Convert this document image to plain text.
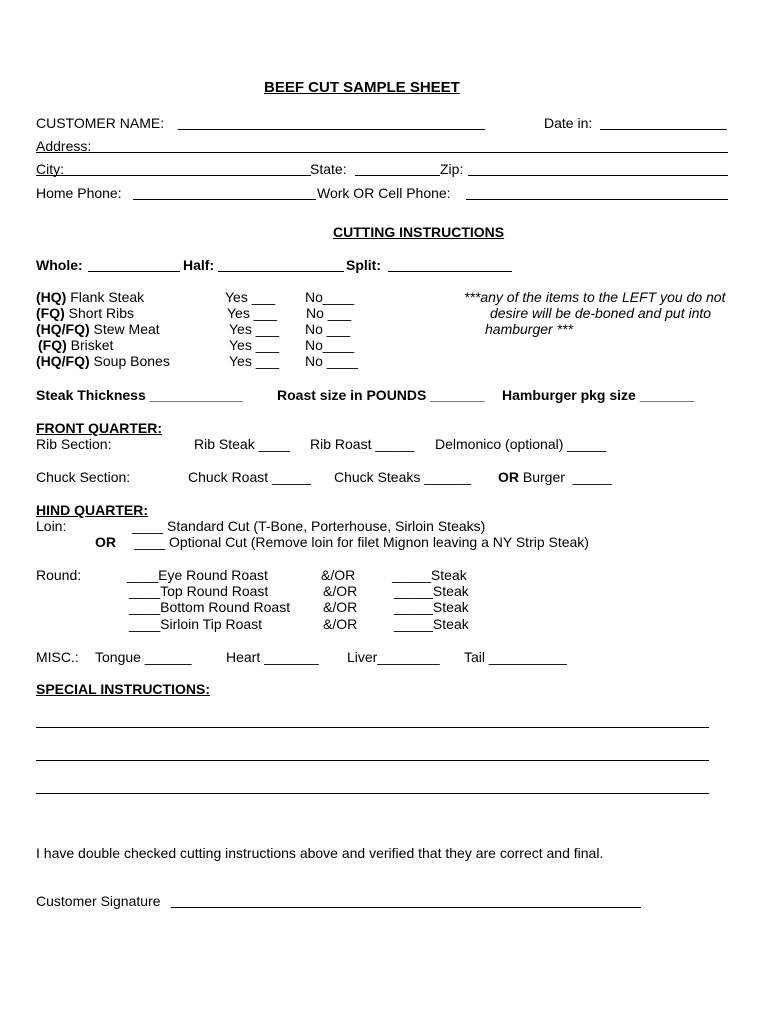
BEEF CUT SAMPLE SHEET
CUSTOMER NAME:	Date in:
Address:
City:	State:	Zip:
Home Phone:	Work OR Cell Phone:
CUTTING INSTRUCTIONS
Whole:	Half:	Split:
(HQ) Flank Steak	Yes ___ No____
(FQ) Short Ribs	Yes ___ No ___
(HQ/FQ) Stew Meat	Yes ___ No ___
(FQ) Brisket	Yes ___ No____
(HQ/FQ) Soup Bones	Yes ___ No ____
***any of the items to the LEFT you do not
desire will be de-boned and put into
hamburger ***
Steak Thickness ____________ Roast size in POUNDS _______ Hamburger pkg size _______
FRONT QUARTER:
Rib Section:	Rib Steak ____ Rib Roast _____ Delmonico (optional) _____
Chuck Section:	Chuck Roast _____ Chuck Steaks ______ OR Burger  _____
HIND QUARTER:
Loin:	____ Standard Cut (T-Bone, Porterhouse, Sirloin Steaks)
OR ____ Optional Cut (Remove loin for filet Mignon leaving a NY Strip Steak)
Round:	____Eye Round Roast	&/OR	_____Steak
____Top Round Roast	&/OR	_____Steak
____Bottom Round Roast &/OR	_____Steak
____Sirloin Tip Roast	&/OR	_____Steak
MISC.: Tongue ______ Heart _______ Liver________ Tail __________
SPECIAL INSTRUCTIONS:
I have double checked cutting instructions above and verified that they are correct and final.
Customer Signature
